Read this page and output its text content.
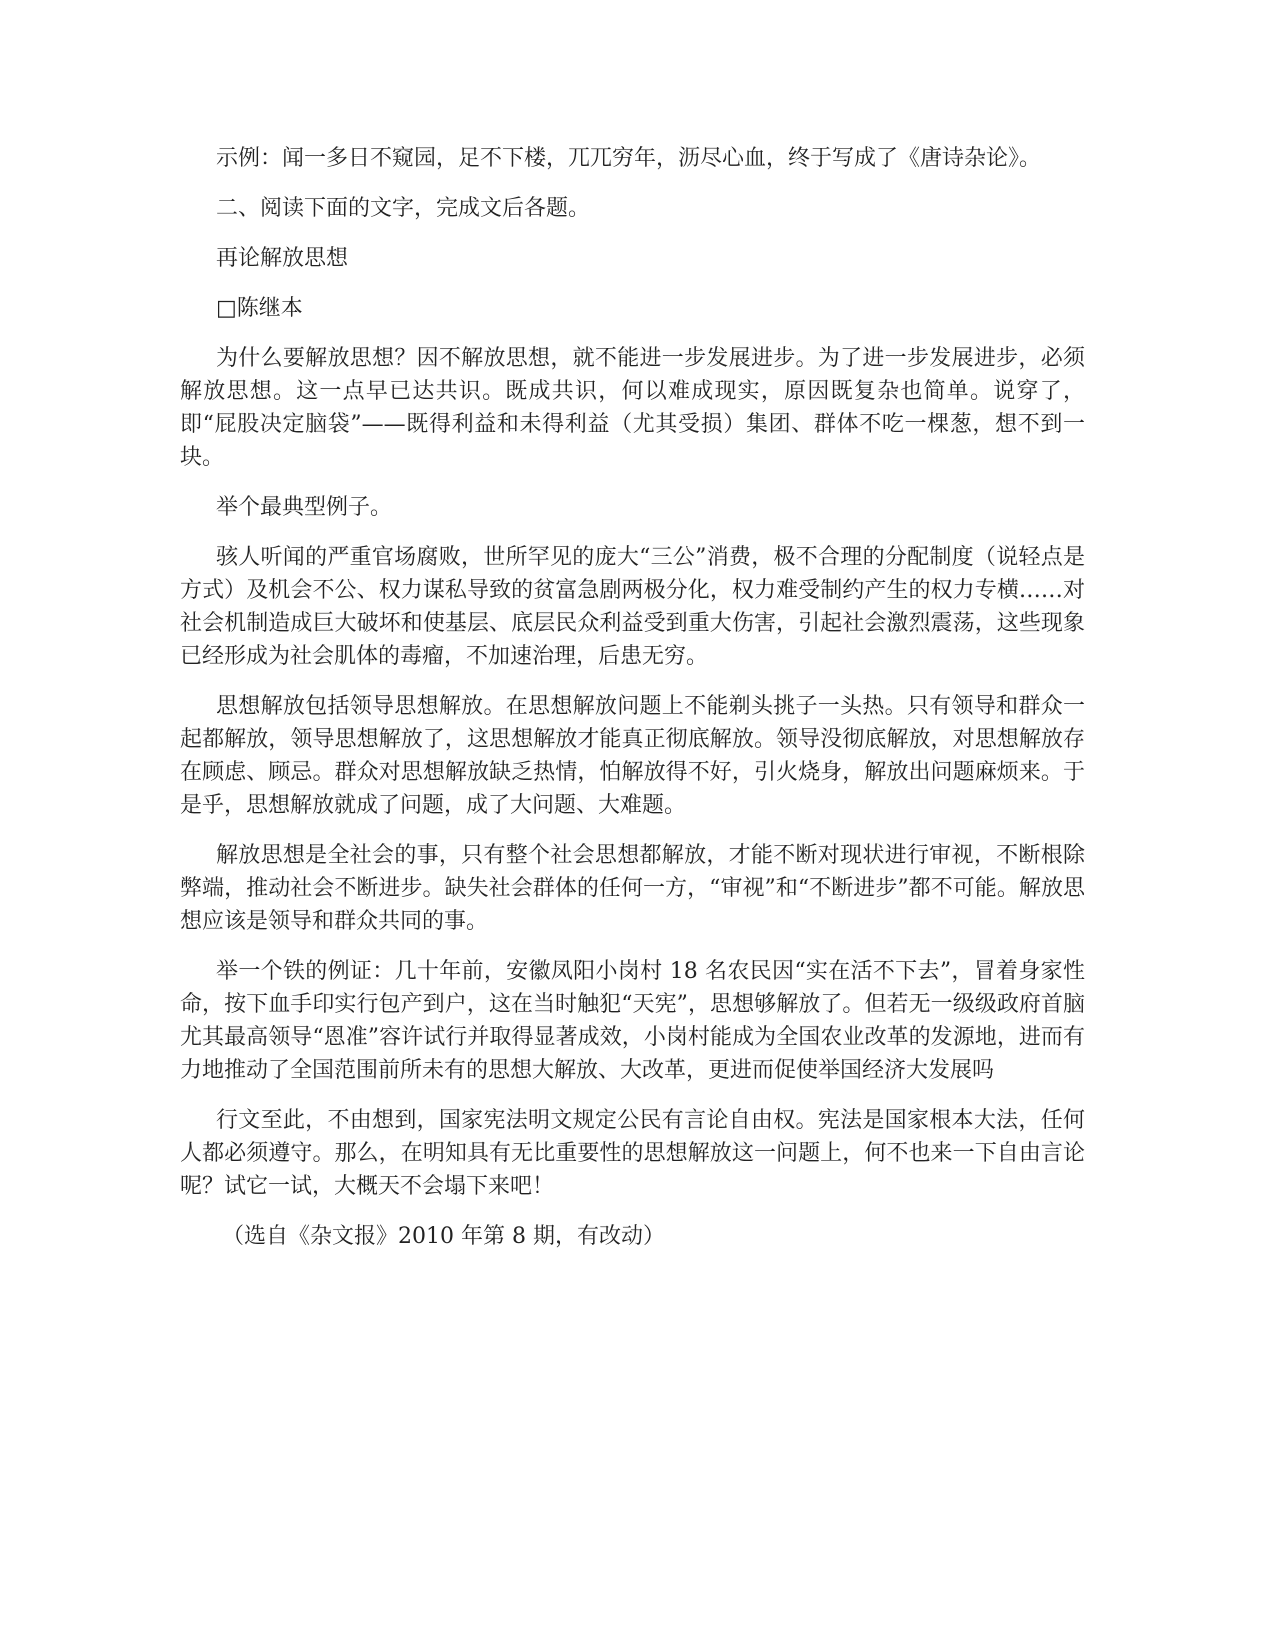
示例：闻一多日不窥园，足不下楼，兀兀穷年，沥尽心血，终于写成了《唐诗杂论》。

二、阅读下面的文字，完成文后各题。

再论解放思想

□陈继本

为什么要解放思想？因不解放思想，就不能进一步发展进步。为了进一步发展进步，必须解放思想。这一点早已达共识。既成共识，何以难成现实，原因既复杂也简单。说穿了，即“屁股决定脑袋”——既得利益和未得利益（尤其受损）集团、群体不吃一棵葱，想不到一块。

举个最典型例子。

骇人听闻的严重官场腐败，世所罕见的庞大“三公”消费，极不合理的分配制度（说轻点是方式）及机会不公、权力谋私导致的贫富急剧两极分化，权力难受制约产生的权力专横……对社会机制造成巨大破坏和使基层、底层民众利益受到重大伤害，引起社会激烈震荡，这些现象已经形成为社会肌体的毒瘤，不加速治理，后患无穷。

思想解放包括领导思想解放。在思想解放问题上不能剃头挑子一头热。只有领导和群众一起都解放，领导思想解放了，这思想解放才能真正彻底解放。领导没彻底解放，对思想解放存在顾虑、顾忌。群众对思想解放缺乏热情，怕解放得不好，引火烧身，解放出问题麻烦来。于是乎，思想解放就成了问题，成了大问题、大难题。

解放思想是全社会的事，只有整个社会思想都解放，才能不断对现状进行审视，不断根除弊端，推动社会不断进步。缺失社会群体的任何一方，“审视”和“不断进步”都不可能。解放思想应该是领导和群众共同的事。

举一个铁的例证：几十年前，安徽凤阳小岗村 18 名农民因“实在活不下去”，冒着身家性命，按下血手印实行包产到户，这在当时触犯“天宪”，思想够解放了。但若无一级级政府首脑尤其最高领导“恩准”容许试行并取得显著成效，小岗村能成为全国农业改革的发源地，进而有力地推动了全国范围前所未有的思想大解放、大改革，更进而促使举国经济大发展吗

行文至此，不由想到，国家宪法明文规定公民有言论自由权。宪法是国家根本大法，任何人都必须遵守。那么，在明知具有无比重要性的思想解放这一问题上，何不也来一下自由言论呢？试它一试，大概天不会塌下来吧！

（选自《杂文报》2010 年第 8 期，有改动）
